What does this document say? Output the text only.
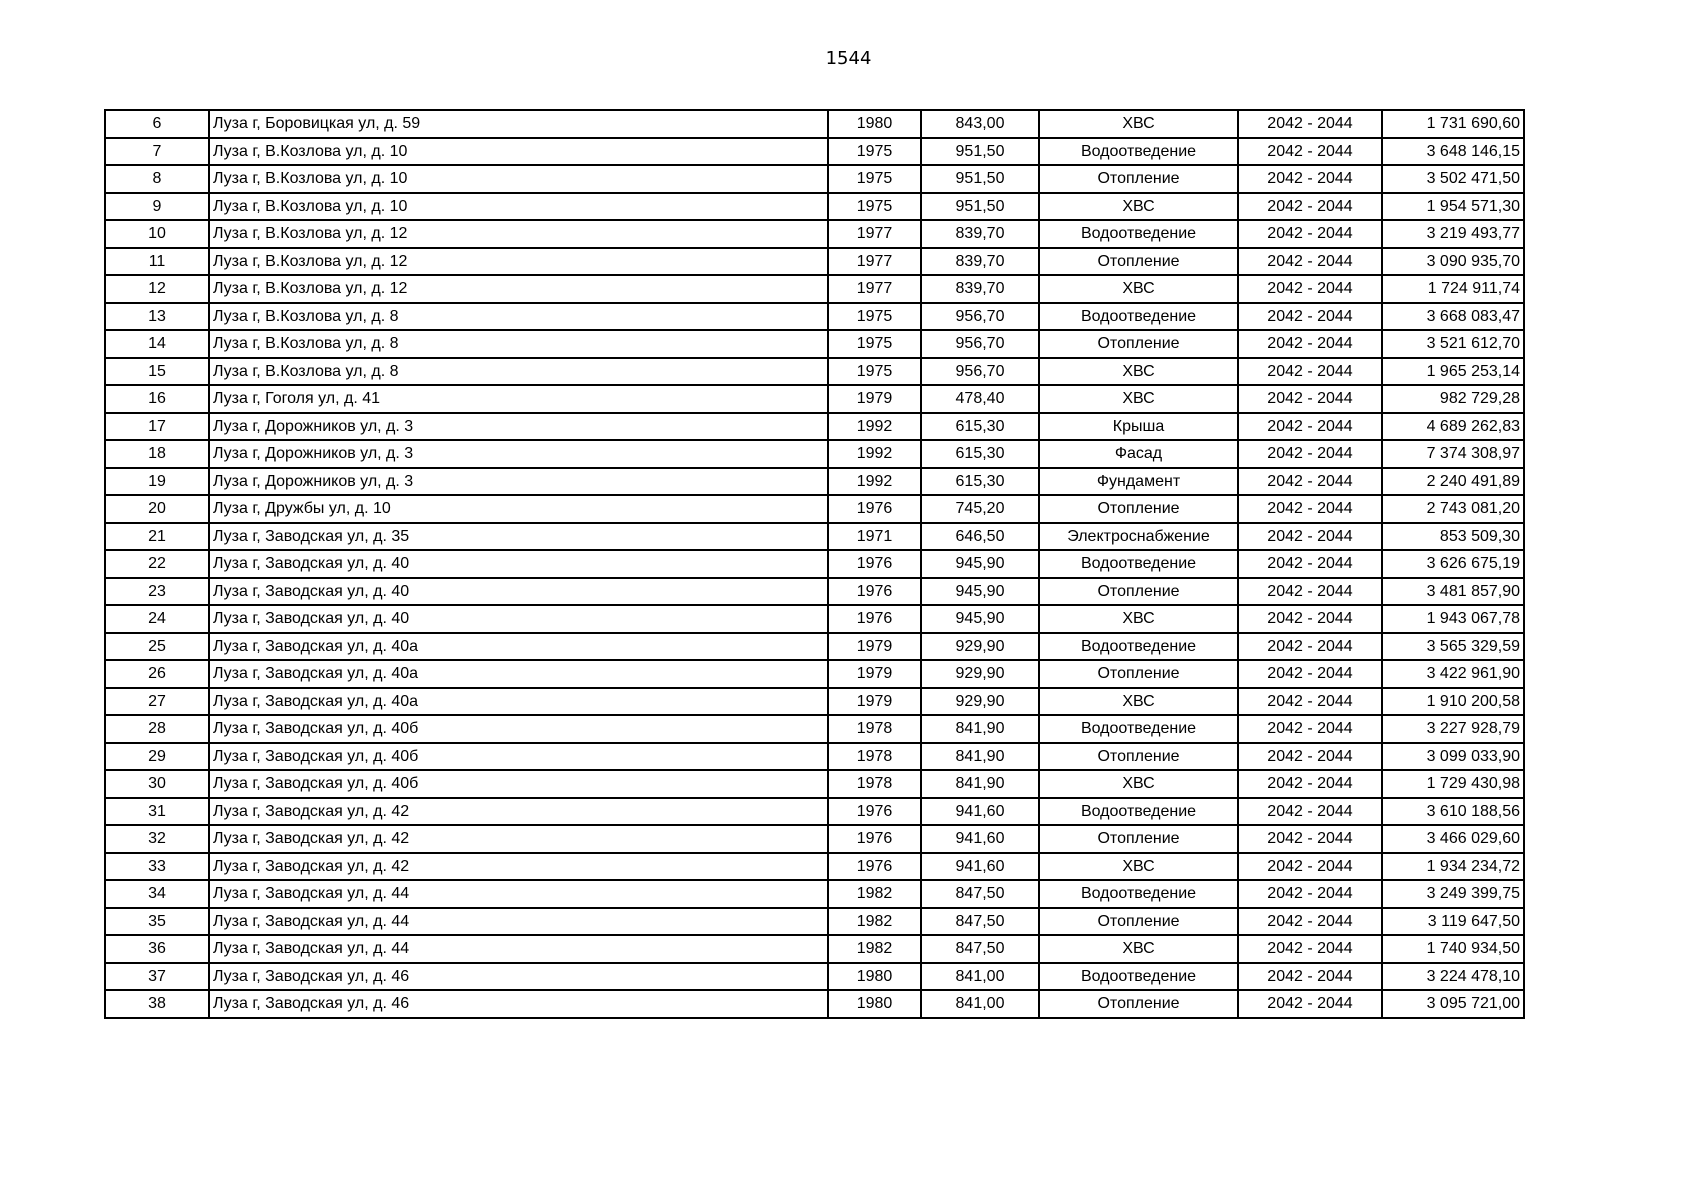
1544
6	Луза г, Боровицкая ул, д. 59	1980	843,00	ХВС	2042 - 2044	1 731 690,60
7	Луза г, В.Козлова ул, д. 10	1975	951,50	Водоотведение	2042 - 2044	3 648 146,15
8	Луза г, В.Козлова ул, д. 10	1975	951,50	Отопление	2042 - 2044	3 502 471,50
9	Луза г, В.Козлова ул, д. 10	1975	951,50	ХВС	2042 - 2044	1 954 571,30
10	Луза г, В.Козлова ул, д. 12	1977	839,70	Водоотведение	2042 - 2044	3 219 493,77
11	Луза г, В.Козлова ул, д. 12	1977	839,70	Отопление	2042 - 2044	3 090 935,70
12	Луза г, В.Козлова ул, д. 12	1977	839,70	ХВС	2042 - 2044	1 724 911,74
13	Луза г, В.Козлова ул, д. 8	1975	956,70	Водоотведение	2042 - 2044	3 668 083,47
14	Луза г, В.Козлова ул, д. 8	1975	956,70	Отопление	2042 - 2044	3 521 612,70
15	Луза г, В.Козлова ул, д. 8	1975	956,70	ХВС	2042 - 2044	1 965 253,14
16	Луза г, Гоголя ул, д. 41	1979	478,40	ХВС	2042 - 2044	982 729,28
17	Луза г, Дорожников ул, д. 3	1992	615,30	Крыша	2042 - 2044	4 689 262,83
18	Луза г, Дорожников ул, д. 3	1992	615,30	Фасад	2042 - 2044	7 374 308,97
19	Луза г, Дорожников ул, д. 3	1992	615,30	Фундамент	2042 - 2044	2 240 491,89
20	Луза г, Дружбы ул, д. 10	1976	745,20	Отопление	2042 - 2044	2 743 081,20
21	Луза г, Заводская ул, д. 35	1971	646,50	Электроснабжение	2042 - 2044	853 509,30
22	Луза г, Заводская ул, д. 40	1976	945,90	Водоотведение	2042 - 2044	3 626 675,19
23	Луза г, Заводская ул, д. 40	1976	945,90	Отопление	2042 - 2044	3 481 857,90
24	Луза г, Заводская ул, д. 40	1976	945,90	ХВС	2042 - 2044	1 943 067,78
25	Луза г, Заводская ул, д. 40а	1979	929,90	Водоотведение	2042 - 2044	3 565 329,59
26	Луза г, Заводская ул, д. 40а	1979	929,90	Отопление	2042 - 2044	3 422 961,90
27	Луза г, Заводская ул, д. 40а	1979	929,90	ХВС	2042 - 2044	1 910 200,58
28	Луза г, Заводская ул, д. 40б	1978	841,90	Водоотведение	2042 - 2044	3 227 928,79
29	Луза г, Заводская ул, д. 40б	1978	841,90	Отопление	2042 - 2044	3 099 033,90
30	Луза г, Заводская ул, д. 40б	1978	841,90	ХВС	2042 - 2044	1 729 430,98
31	Луза г, Заводская ул, д. 42	1976	941,60	Водоотведение	2042 - 2044	3 610 188,56
32	Луза г, Заводская ул, д. 42	1976	941,60	Отопление	2042 - 2044	3 466 029,60
33	Луза г, Заводская ул, д. 42	1976	941,60	ХВС	2042 - 2044	1 934 234,72
34	Луза г, Заводская ул, д. 44	1982	847,50	Водоотведение	2042 - 2044	3 249 399,75
35	Луза г, Заводская ул, д. 44	1982	847,50	Отопление	2042 - 2044	3 119 647,50
36	Луза г, Заводская ул, д. 44	1982	847,50	ХВС	2042 - 2044	1 740 934,50
37	Луза г, Заводская ул, д. 46	1980	841,00	Водоотведение	2042 - 2044	3 224 478,10
38	Луза г, Заводская ул, д. 46	1980	841,00	Отопление	2042 - 2044	3 095 721,00
